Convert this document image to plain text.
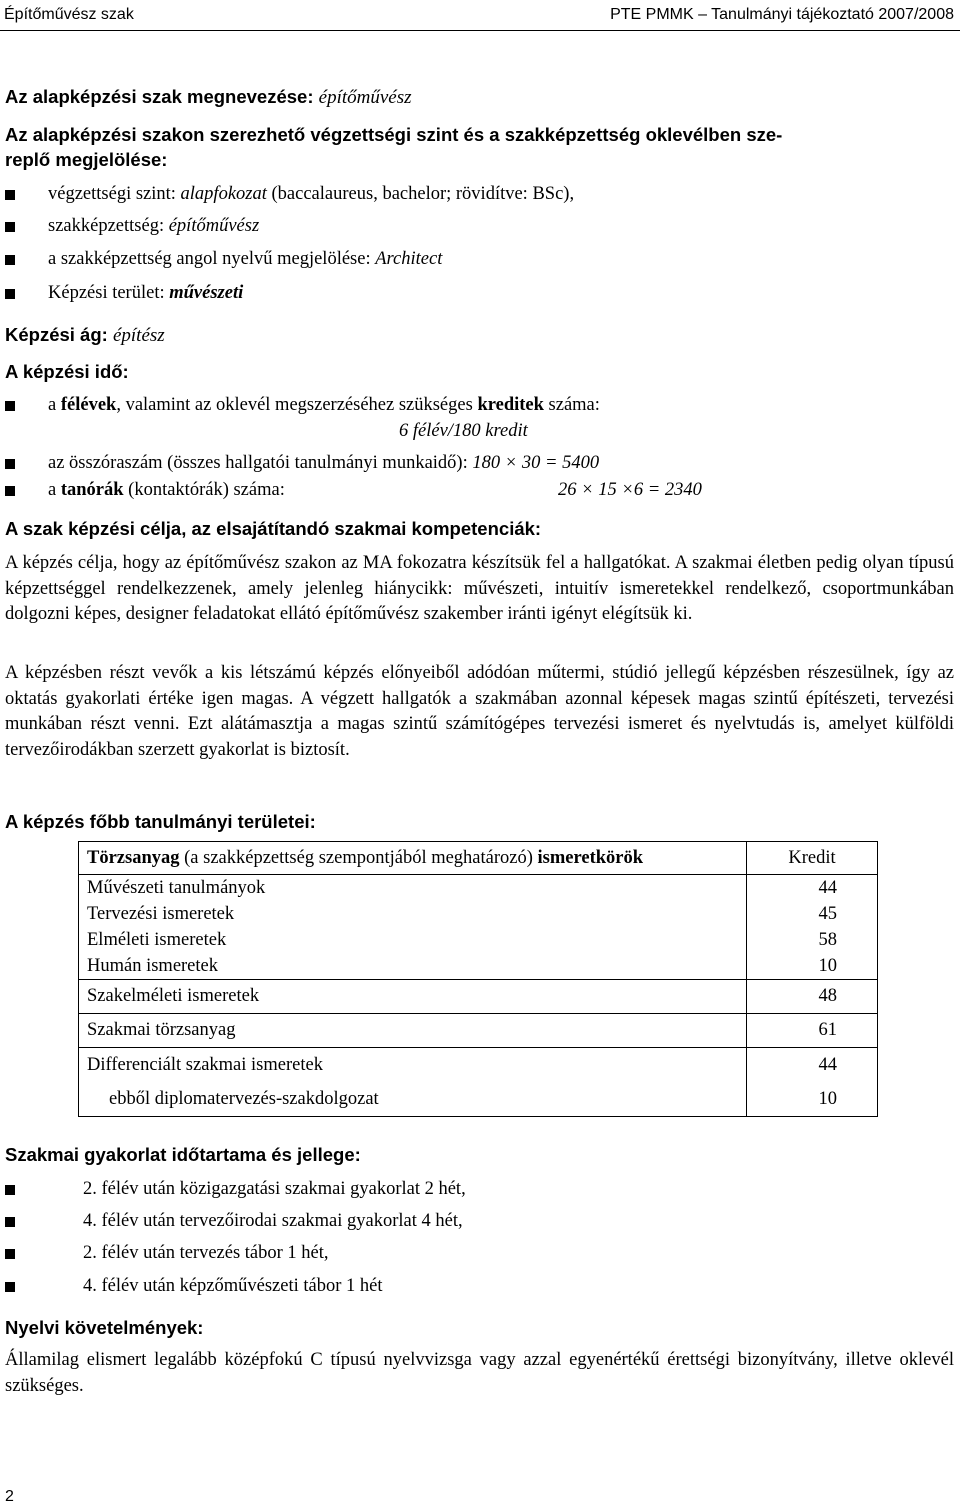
Építőművész szak	PTE PMMK – Tanulmányi tájékoztató 2007/2008
Az alapképzési szak megnevezése: építőművész
Az alapképzési szakon szerezhető végzettségi szint és a szakképzettség oklevélben sze-
replő megjelölése:
végzettségi szint: alapfokozat (baccalaureus, bachelor; rövidítve: BSc),
szakképzettség: építőművész
a szakképzettség angol nyelvű megjelölése: Architect
Képzési terület: művészeti
Képzési ág: építész
A képzési idő:
a félévek, valamint az oklevél megszerzéséhez szükséges kreditek száma:
6 félév/180 kredit
az összóraszám (összes hallgatói tanulmányi munkaidő): 180 × 30 = 5400
a tanórák (kontaktórák) száma:	26 × 15 ×6 = 2340
A szak képzési célja, az elsajátítandó szakmai kompetenciák:

A képzés célja, hogy az építőművész szakon az MA fokozatra készítsük fel a hallgatókat. A szakmai életben pedig olyan típusú képzettséggel rendelkezzenek, amely jelenleg hiánycikk: művészeti, intuitív ismeretekkel rendelkező, csoportmunkában dolgozni képes, designer feladatokat ellátó építőművész szakember iránti igényt elégítsük ki.

A képzésben részt vevők a kis létszámú képzés előnyeiből adódóan műtermi, stúdió jellegű képzésben részesülnek, így az oktatás gyakorlati értéke igen magas. A végzett hallgatók a szakmában azonnal képesek magas szintű építészeti, tervezési munkában részt venni. Ezt alátámasztja a magas szintű számítógépes tervezési ismeret és nyelvtudás is, amelyet külföldi tervezőirodákban szerzett gyakorlat is biztosít.

A képzés főbb tanulmányi területei:
Törzsanyag (a szakképzettség szempontjából meghatározó) ismeretkörök	Kredit
Művészeti tanulmányok	44
Tervezési ismeretek	45
Elméleti ismeretek	58
Humán ismeretek	10
Szakelméleti ismeretek	48
Szakmai törzsanyag	61
Differenciált szakmai ismeretek	44
ebből diplomatervezés-szakdolgozat	10
Szakmai gyakorlat időtartama és jellege:
2. félév után közigazgatási szakmai gyakorlat 2 hét,
4. félév után tervezőirodai szakmai gyakorlat 4 hét,
2. félév után tervezés tábor 1 hét,
4. félév után képzőművészeti tábor 1 hét
Nyelvi követelmények:

Államilag elismert legalább középfokú C típusú nyelvvizsga vagy azzal egyenértékű érettségi bizonyítvány, illetve oklevél szükséges.

2
